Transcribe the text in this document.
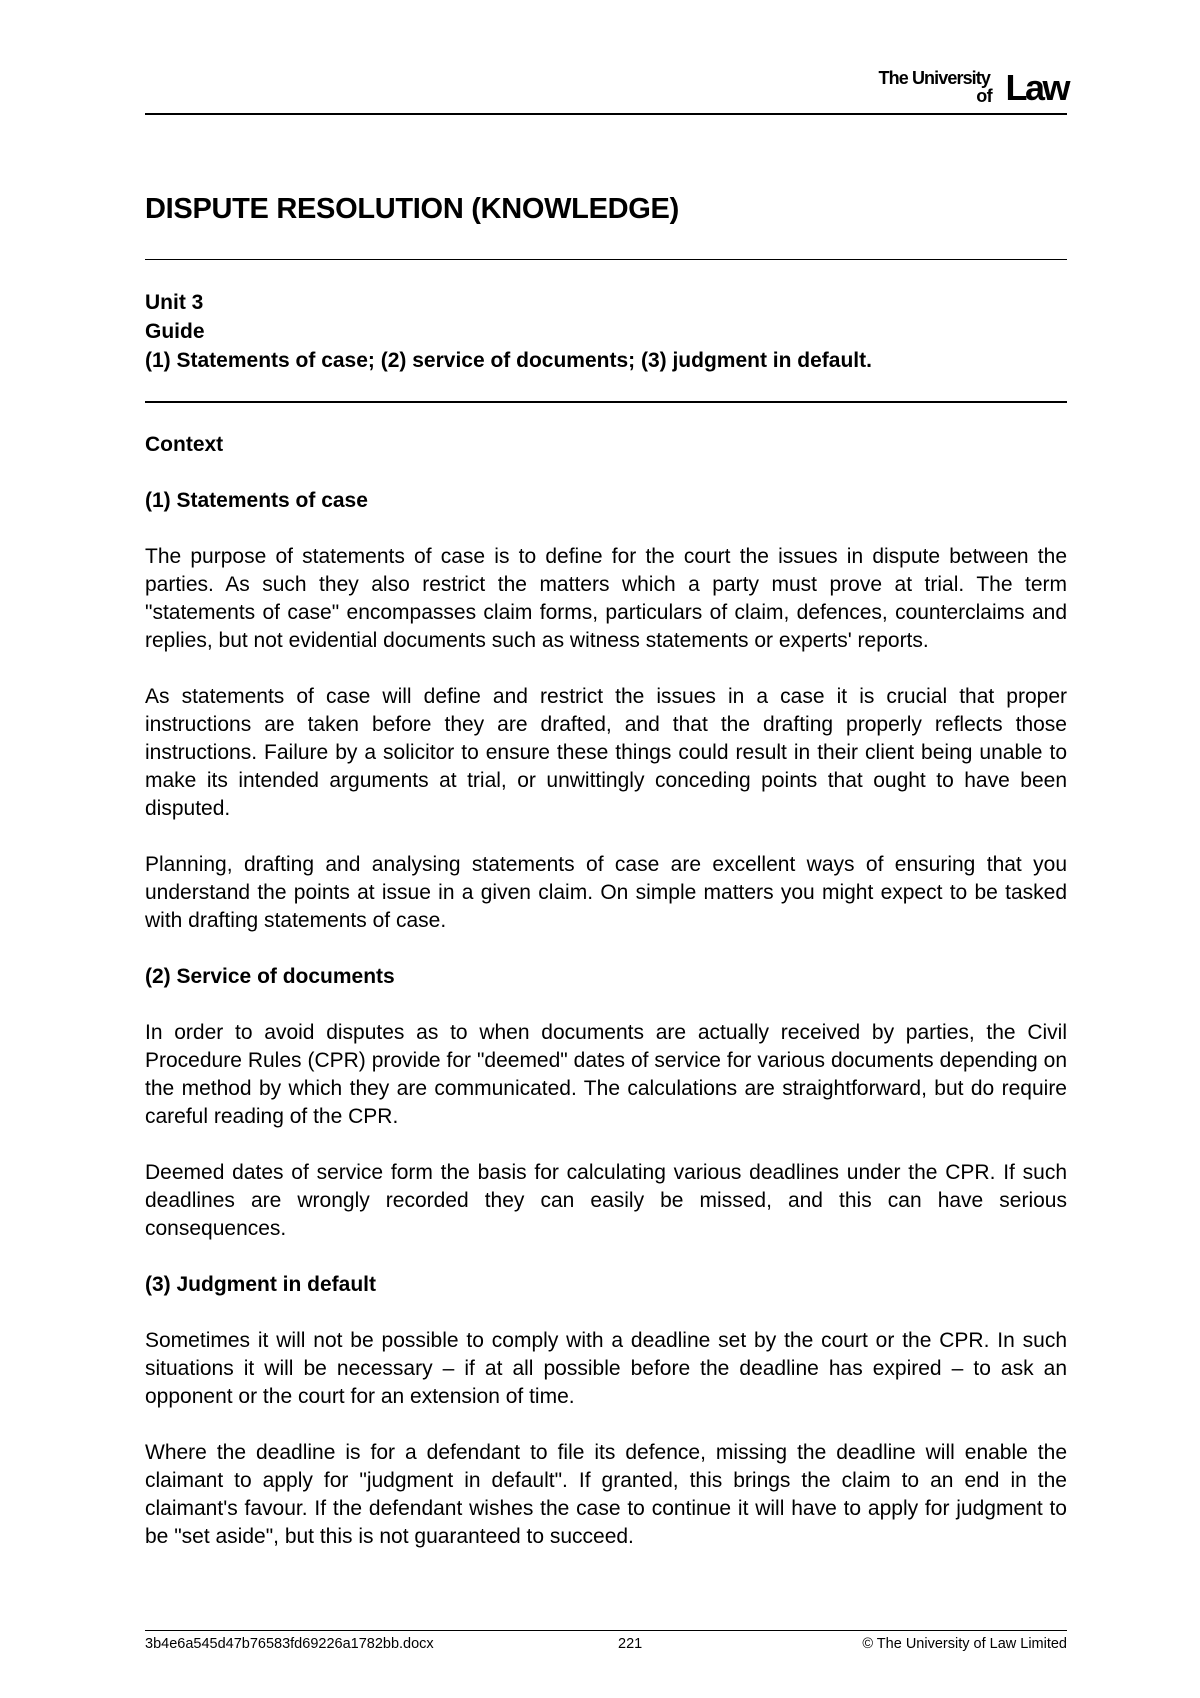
The University
of Law
DISPUTE RESOLUTION (KNOWLEDGE)
Unit 3
Guide
(1) Statements of case; (2) service of documents; (3) judgment in default.
Context
(1) Statements of case

The purpose of statements of case is to define for the court the issues in dispute between the parties. As such they also restrict the matters which a party must prove at trial. The term "statements of case" encompasses claim forms, particulars of claim, defences, counterclaims and replies, but not evidential documents such as witness statements or experts' reports.

As statements of case will define and restrict the issues in a case it is crucial that proper instructions are taken before they are drafted, and that the drafting properly reflects those instructions. Failure by a solicitor to ensure these things could result in their client being unable to make its intended arguments at trial, or unwittingly conceding points that ought to have been disputed.

Planning, drafting and analysing statements of case are excellent ways of ensuring that you understand the points at issue in a given claim. On simple matters you might expect to be tasked with drafting statements of case.

(2) Service of documents

In order to avoid disputes as to when documents are actually received by parties, the Civil Procedure Rules (CPR) provide for "deemed" dates of service for various documents depending on the method by which they are communicated. The calculations are straightforward, but do require careful reading of the CPR.

Deemed dates of service form the basis for calculating various deadlines under the CPR. If such deadlines are wrongly recorded they can easily be missed, and this can have serious consequences.

(3) Judgment in default

Sometimes it will not be possible to comply with a deadline set by the court or the CPR. In such situations it will be necessary – if at all possible before the deadline has expired – to ask an opponent or the court for an extension of time.

Where the deadline is for a defendant to file its defence, missing the deadline will enable the claimant to apply for "judgment in default". If granted, this brings the claim to an end in the claimant's favour. If the defendant wishes the case to continue it will have to apply for judgment to be "set aside", but this is not guaranteed to succeed.

3b4e6a545d47b76583fd69226a1782bb.docx	221	© The University of Law Limited
